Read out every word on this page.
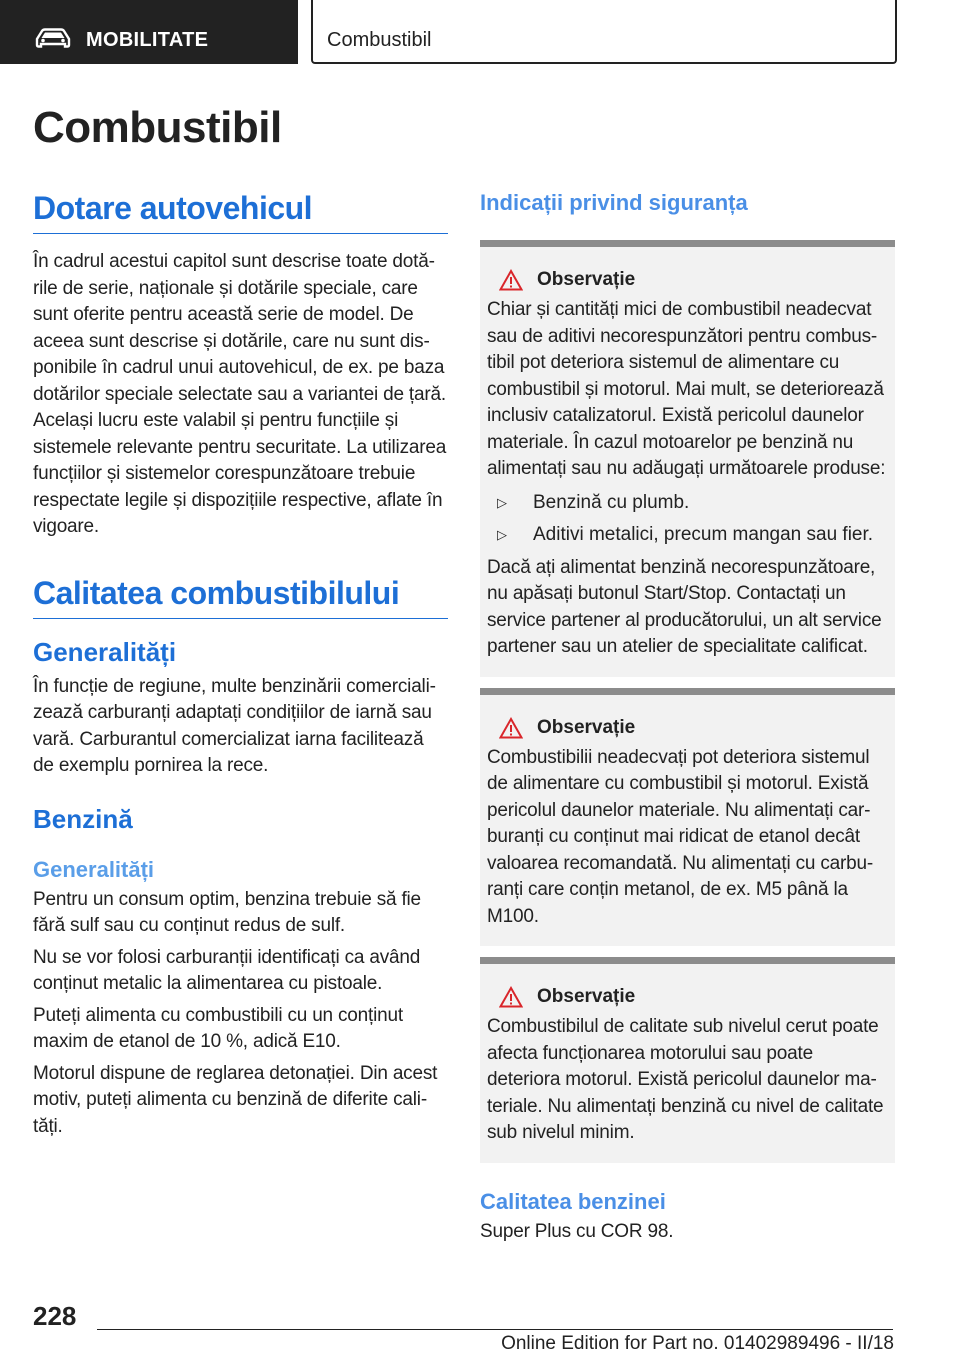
MOBILITATE	Combustibil
Combustibil
Dotare autovehicul

În cadrul acestui capitol sunt descrise toate dotările de serie, naționale și dotările speciale, care sunt oferite pentru această serie de model. De aceea sunt descrise și dotările, care nu sunt disponibile în cadrul unui autovehicul, de ex. pe baza dotărilor speciale selectate sau a variantei de țară. Același lucru este valabil și pentru funcțiile și sistemele relevante pentru securitate. La utilizarea funcțiilor și sistemelor corespunzătoare trebuie respectate legile și dispozițiile respective, aflate în vigoare.

Calitatea combustibilului
Generalități

În funcție de regiune, multe benzinării comercializează carburanți adaptați condițiilor de iarnă sau vară. Carburantul comercializat iarna facilitează de exemplu pornirea la rece.

Benzină
Generalități

Pentru un consum optim, benzina trebuie să fie fără sulf sau cu conținut redus de sulf.

Nu se vor folosi carburanții identificați ca având conținut metalic la alimentarea cu pistoale.

Puteți alimenta cu combustibili cu un conținut maxim de etanol de 10 %, adică E10.

Motorul dispune de reglarea detonației. Din acest motiv, puteți alimenta cu benzină de diferite calități.

Indicații privind siguranța
Observație

Chiar și cantități mici de combustibil neadecvat sau de aditivi necorespunzători pentru combustibil pot deteriora sistemul de alimentare cu combustibil și motorul. Mai mult, se deteriorează inclusiv catalizatorul. Există pericolul daunelor materiale. În cazul motoarelor pe benzină nu alimentați sau nu adăugați următoarele produse:

▷	Benzină cu plumb.
▷	Aditivi metalici, precum mangan sau fier.

Dacă ați alimentat benzină necorespunzătoare, nu apăsați butonul Start/Stop. Contactați un service partener al producătorului, un alt service partener sau un atelier de specialitate calificat.

Observație

Combustibilii neadecvați pot deteriora sistemul de alimentare cu combustibil și motorul. Există pericolul daunelor materiale. Nu alimentați carburanți cu conținut mai ridicat de etanol decât valoarea recomandată. Nu alimentați cu carburanți care conțin metanol, de ex. M5 până la M100.

Observație

Combustibilul de calitate sub nivelul cerut poate afecta funcționarea motorului sau poate deteriora motorul. Există pericolul daunelor materiale. Nu alimentați benzină cu nivel de calitate sub nivelul minim.

Calitatea benzinei

Super Plus cu COR 98.

228
Online Edition for Part no. 01402989496 - II/18
